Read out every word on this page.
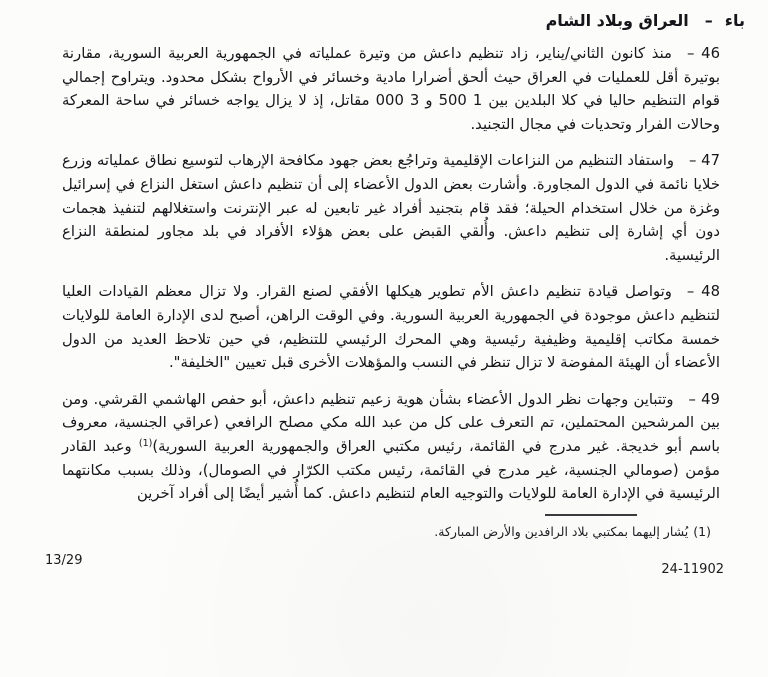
باء–العراق وبلاد الشام

46 –منذ كانون الثاني/يناير، زاد تنظيم داعش من وتيرة عملياته في الجمهورية العربية السورية، مقارنة بوتيرة أقل للعمليات في العراق حيث ألحق أضرارا مادية وخسائر في الأرواح بشكل محدود. ويتراوح إجمالي قوام التنظيم حاليا في كلا البلدين بين 1 500 و 3 000 مقاتل، إذ لا يزال يواجه خسائر في ساحة المعركة وحالات الفرار وتحديات في مجال التجنيد.

47 –واستفاد التنظيم من النزاعات الإقليمية وتراجُع بعض جهود مكافحة الإرهاب لتوسيع نطاق عملياته وزرع خلايا نائمة في الدول المجاورة. وأشارت بعض الدول الأعضاء إلى أن تنظيم داعش استغل النزاع في إسرائيل وغزة من خلال استخدام الحيلة؛ فقد قام بتجنيد أفراد غير تابعين له عبر الإنترنت واستغلالهم لتنفيذ هجمات دون أي إشارة إلى تنظيم داعش. وأُلقي القبض على بعض هؤلاء الأفراد في بلد مجاور لمنطقة النزاع الرئيسية.

48 –وتواصل قيادة تنظيم داعش الأم تطوير هيكلها الأفقي لصنع القرار. ولا تزال معظم القيادات العليا لتنظيم داعش موجودة في الجمهورية العربية السورية. وفي الوقت الراهن، أصبح لدى الإدارة العامة للولايات خمسة مكاتب إقليمية وظيفية رئيسية وهي المحرك الرئيسي للتنظيم، في حين تلاحظ العديد من الدول الأعضاء أن الهيئة المفوضة لا تزال تنظر في النسب والمؤهلات الأخرى قبل تعيين "الخليفة".

49 –وتتباين وجهات نظر الدول الأعضاء بشأن هوية زعيم تنظيم داعش، أبو حفص الهاشمي القرشي. ومن بين المرشحين المحتملين، تم التعرف على كل من عبد الله مكي مصلح الرافعي (عراقي الجنسية، معروف باسم أبو خديجة. غير مدرج في القائمة، رئيس مكتبي العراق والجمهورية العربية السورية)$^{(1)}$ وعبد القادر مؤمن (صومالي الجنسية، غير مدرج في القائمة، رئيس مكتب الكرّار في الصومال)، وذلك بسبب مكانتهما الرئيسية في الإدارة العامة للولايات والتوجيه العام لتنظيم داعش. كما أُشير أيضًا إلى أفراد آخرين

(1)يُشار إليهما بمكتبي بلاد الرافدين والأرض المباركة.
13/29
24-11902
